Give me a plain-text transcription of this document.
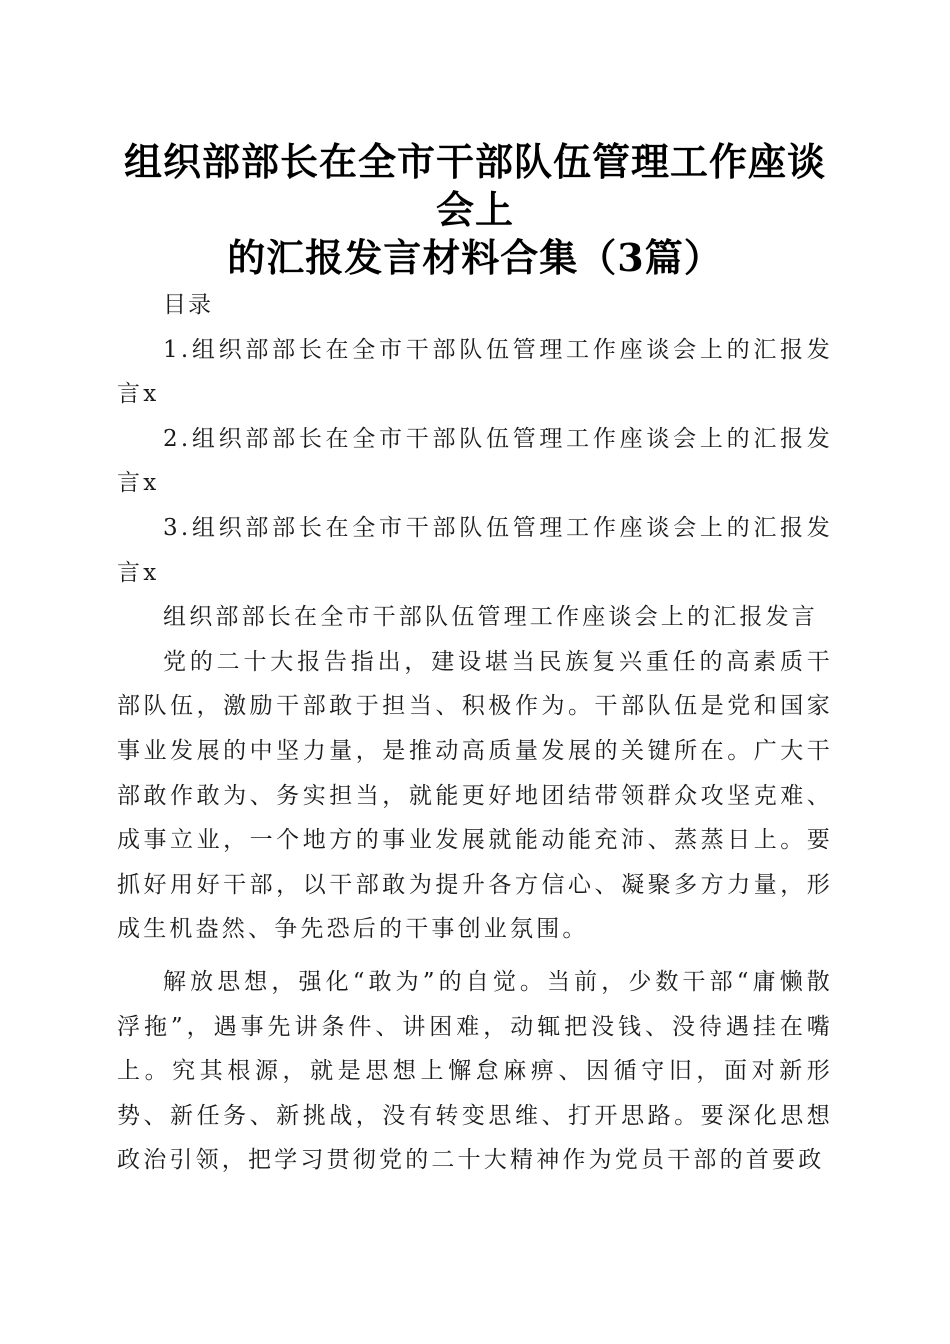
组织部部长在全市干部队伍管理工作座谈会上
的汇报发言材料合集（3篇）

目录

1.组织部部长在全市干部队伍管理工作座谈会上的汇报发言x

2.组织部部长在全市干部队伍管理工作座谈会上的汇报发言x

3.组织部部长在全市干部队伍管理工作座谈会上的汇报发言x

组织部部长在全市干部队伍管理工作座谈会上的汇报发言

党的二十大报告指出，建设堪当民族复兴重任的高素质干部队伍，激励干部敢于担当、积极作为。干部队伍是党和国家事业发展的中坚力量，是推动高质量发展的关键所在。广大干部敢作敢为、务实担当，就能更好地团结带领群众攻坚克难、成事立业，一个地方的事业发展就能动能充沛、蒸蒸日上。要抓好用好干部，以干部敢为提升各方信心、凝聚多方力量，形成生机盎然、争先恐后的干事创业氛围。

解放思想，强化“敢为”的自觉。当前，少数干部“庸懒散浮拖”，遇事先讲条件、讲困难，动辄把没钱、没待遇挂在嘴上。究其根源，就是思想上懈怠麻痹、因循守旧，面对新形势、新任务、新挑战，没有转变思维、打开思路。要深化思想政治引领，把学习贯彻党的二十大精神作为党员干部的首要政
